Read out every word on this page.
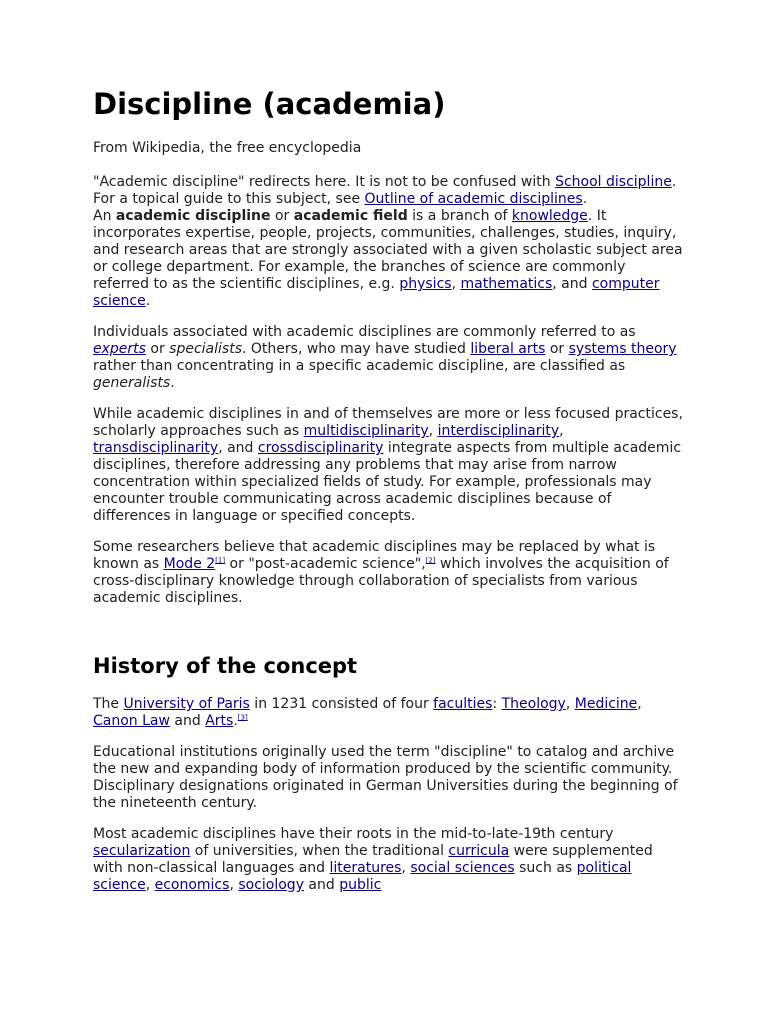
Discipline (academia)

From Wikipedia, the free encyclopedia

"Academic discipline" redirects here. It is not to be confused with School discipline.
For a topical guide to this subject, see Outline of academic disciplines.

An academic discipline or academic field is a branch of knowledge. It incorporates expertise, people, projects, communities, challenges, studies, inquiry, and research areas that are strongly associated with a given scholastic subject area or college department. For example, the branches of science are commonly referred to as the scientific disciplines, e.g. physics, mathematics, and computer science.

Individuals associated with academic disciplines are commonly referred to as experts or specialists. Others, who may have studied liberal arts or systems theory rather than concentrating in a specific academic discipline, are classified as generalists.

While academic disciplines in and of themselves are more or less focused practices, scholarly approaches such as multidisciplinarity, interdisciplinarity, transdisciplinarity, and crossdisciplinarity integrate aspects from multiple academic disciplines, therefore addressing any problems that may arise from narrow concentration within specialized fields of study. For example, professionals may encounter trouble communicating across academic disciplines because of differences in language or specified concepts.

Some researchers believe that academic disciplines may be replaced by what is known as Mode 2[1] or "post-academic science",[2] which involves the acquisition of cross-disciplinary knowledge through collaboration of specialists from various academic disciplines.

History of the concept

The University of Paris in 1231 consisted of four faculties: Theology, Medicine, Canon Law and Arts.[3]

Educational institutions originally used the term "discipline" to catalog and archive the new and expanding body of information produced by the scientific community. Disciplinary designations originated in German Universities during the beginning of the nineteenth century.

Most academic disciplines have their roots in the mid-to-late-19th century secularization of universities, when the traditional curricula were supplemented with non-classical languages and literatures, social sciences such as political science, economics, sociology and public
